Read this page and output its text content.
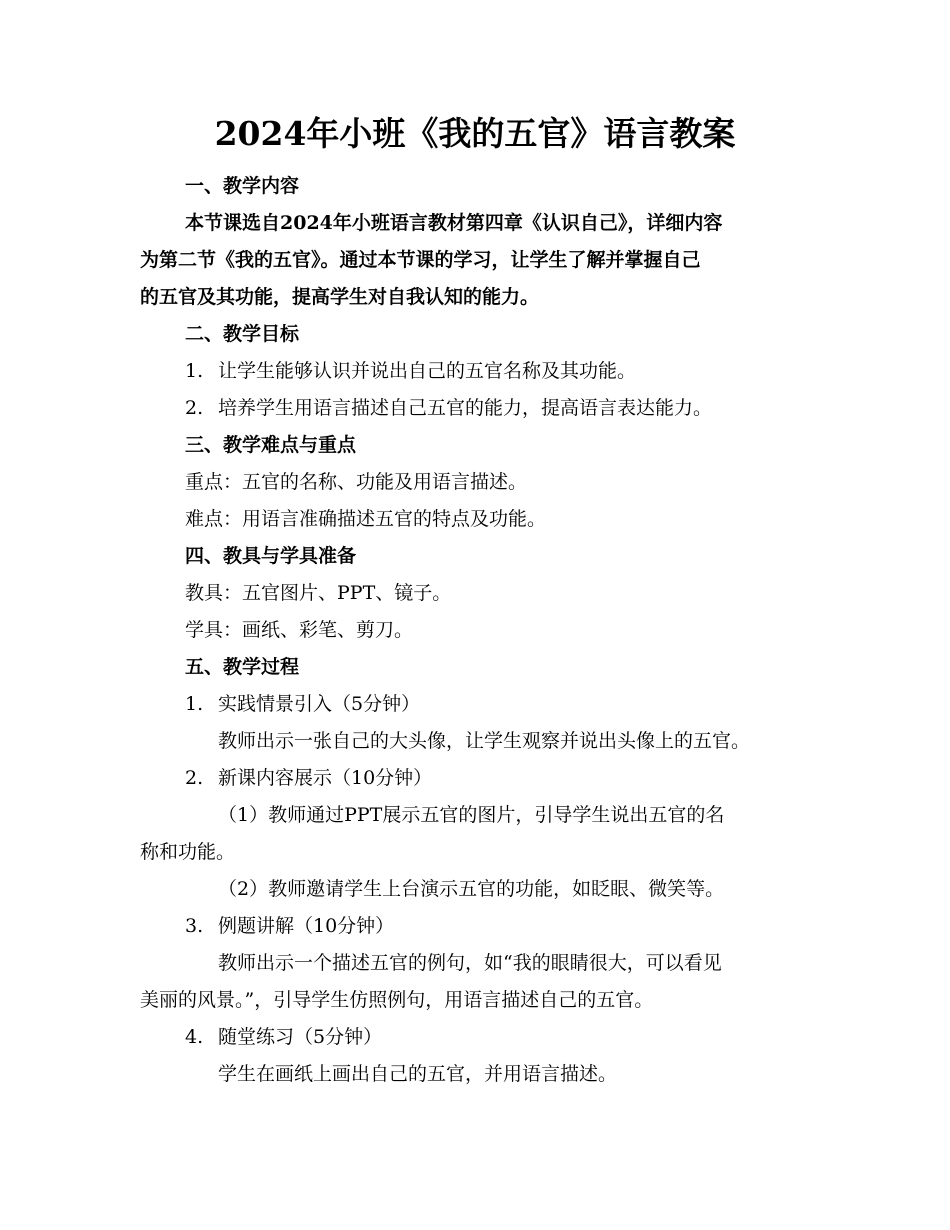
2024年小班《我的五官》语言教案
一、教学内容
本节课选自2024年小班语言教材第四章《认识自己》，详细内容
为第二节《我的五官》。通过本节课的学习，让学生了解并掌握自己
的五官及其功能，提高学生对自我认知的能力。
二、教学目标
1. 让学生能够认识并说出自己的五官名称及其功能。
2. 培养学生用语言描述自己五官的能力，提高语言表达能力。
三、教学难点与重点
重点：五官的名称、功能及用语言描述。
难点：用语言准确描述五官的特点及功能。
四、教具与学具准备
教具：五官图片、PPT、镜子。
学具：画纸、彩笔、剪刀。
五、教学过程
1. 实践情景引入（5分钟）
教师出示一张自己的大头像，让学生观察并说出头像上的五官。
2. 新课内容展示（10分钟）
（1）教师通过PPT展示五官的图片，引导学生说出五官的名
称和功能。
（2）教师邀请学生上台演示五官的功能，如眨眼、微笑等。
3. 例题讲解（10分钟）
教师出示一个描述五官的例句，如“我的眼睛很大，可以看见
美丽的风景。”，引导学生仿照例句，用语言描述自己的五官。
4. 随堂练习（5分钟）
学生在画纸上画出自己的五官，并用语言描述。
